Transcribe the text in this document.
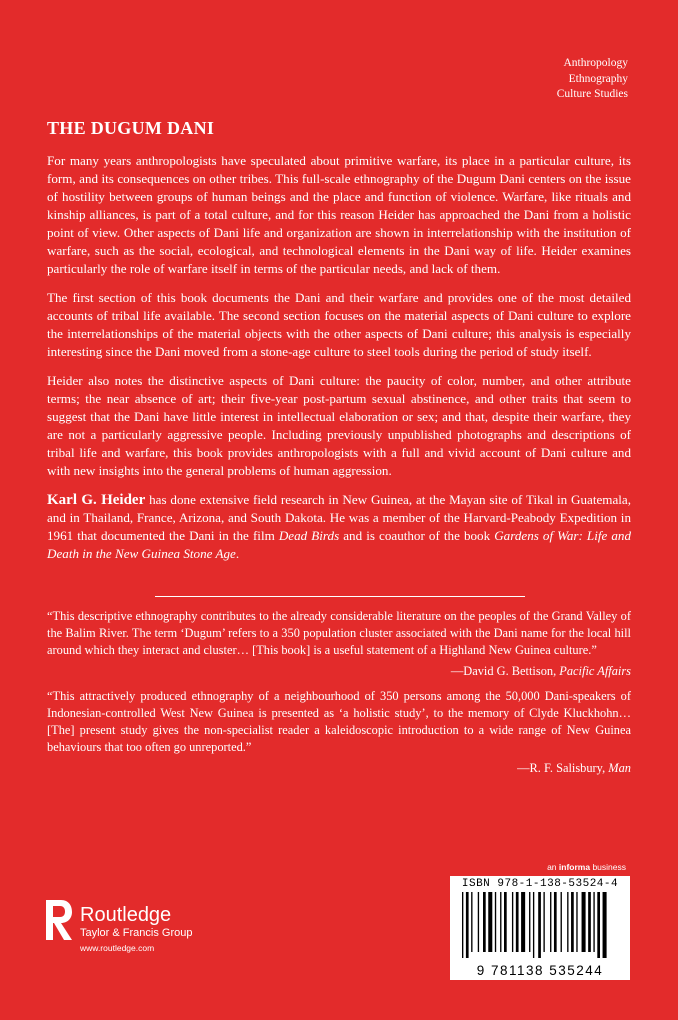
Anthropology
Ethnography
Culture Studies
THE DUGUM DANI

For many years anthropologists have speculated about primitive warfare, its place in a particular culture, its form, and its consequences on other tribes. This full-scale ethnography of the Dugum Dani centers on the issue of hostility between groups of human beings and the place and function of violence. Warfare, like rituals and kinship alliances, is part of a total culture, and for this reason Heider has approached the Dani from a holistic point of view. Other aspects of Dani life and organization are shown in interrelationship with the institution of warfare, such as the social, ecological, and technological elements in the Dani way of life. Heider examines particularly the role of warfare itself in terms of the particular needs, and lack of them.

The first section of this book documents the Dani and their warfare and provides one of the most detailed accounts of tribal life available. The second section focuses on the material aspects of Dani culture to explore the interrelationships of the material objects with the other aspects of Dani culture; this analysis is especially interesting since the Dani moved from a stone-age culture to steel tools during the period of study itself.

Heider also notes the distinctive aspects of Dani culture: the paucity of color, number, and other attribute terms; the near absence of art; their five-year post-partum sexual abstinence, and other traits that seem to suggest that the Dani have little interest in intellectual elaboration or sex; and that, despite their warfare, they are not a particularly aggressive people. Including previously unpublished photographs and descriptions of tribal life and warfare, this book provides anthropologists with a full and vivid account of Dani culture and with new insights into the general problems of human aggression.

Karl G. Heider has done extensive field research in New Guinea, at the Mayan site of Tikal in Guatemala, and in Thailand, France, Arizona, and South Dakota. He was a member of the Harvard-Peabody Expedition in 1961 that documented the Dani in the film Dead Birds and is coauthor of the book Gardens of War: Life and Death in the New Guinea Stone Age.

“This descriptive ethnography contributes to the already considerable literature on the peoples of the Grand Valley of the Balim River. The term ‘Dugum’ refers to a 350 population cluster associated with the Dani name for the local hill around which they interact and cluster… [This book] is a useful statement of a Highland New Guinea culture.”

—David G. Bettison, Pacific Affairs

“This attractively produced ethnography of a neighbourhood of 350 persons among the 50,000 Dani-speakers of Indonesian-controlled West New Guinea is presented as ‘a holistic study’, to the memory of Clyde Kluckhohn… [The] present study gives the non-specialist reader a kaleidoscopic introduction to a wide range of New Guinea behaviours that too often go unreported.”

—R. F. Salisbury, Man
an informa business
ISBN 978-1-138-53524-4
9 781138 535244
Routledge
Taylor & Francis Group
www.routledge.com
